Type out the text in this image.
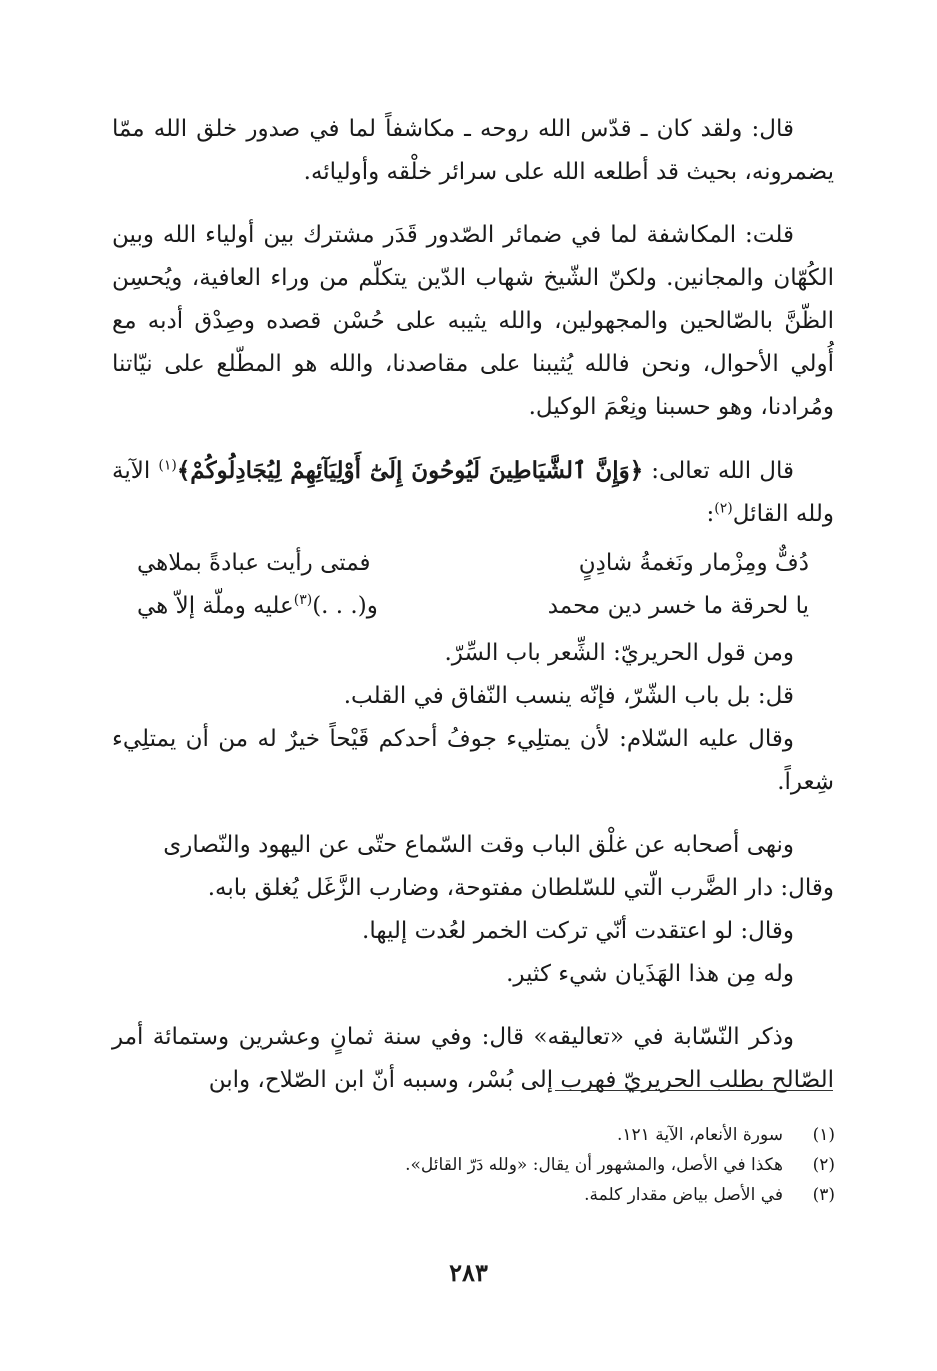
قال: ولقد كان ـ قدّس الله روحه ـ مكاشفاً لما في صدور خلق الله ممّا يضمرونه، بحيث قد أطلعه الله على سرائر خلْقه وأوليائه.

قلت: المكاشفة لما في ضمائر الصّدور قَدَر مشترك بين أولياء الله وبين الكُهّان والمجانين. ولكنّ الشّيخ شهاب الدّين يتكلّم من وراء العافية، ويُحسِن الظّنَّ بالصّالحين والمجهولين، والله يثيبه على حُسْن قصده وصِدْق أدبه مع أُولي الأحوال، ونحن فالله يُثيبنا على مقاصدنا، والله هو المطّلع على نيّاتنا ومُرادنا، وهو حسبنا ونِعْمَ الوكيل.

قال الله تعالى: ﴿وَإِنَّ ٱلشَّيَاطِينَ لَيُوحُونَ إِلَىٰٓ أَوْلِيَآئِهِمْ لِيُجَادِلُوكُمْ﴾$^{(١)}$ الآية ولله القائل$^{(٢)}$:

دُفٌّ ومِزْمار ونَغمةُ شادِنٍ
فمتى رأيت عبادةً بملاهي
يا لحرقة ما خسر دين محمد
و(. . .)(٣)عليه وملّة إلاّ هي

ومن قول الحريريّ: الشِّعر باب السِّرّ.

قل: بل باب الشّرّ، فإنّه ينسب النّفاق في القلب.

وقال عليه السّلام: لأن يمتلِيء جوفُ أحدكم قَيْحاً خيرٌ له من أن يمتلِيء شِعراً.

ونهى أصحابه عن غلْق الباب وقت السّماع حتّى عن اليهود والنّصارى

وقال: دار الضَّرب الّتي للسّلطان مفتوحة، وضارب الزَّغَل يُغلق بابه.

وقال: لو اعتقدت أنّي تركت الخمر لعُدت إليها.

وله مِن هذا الهَذَيان شيء كثير.

وذكر النّسّابة في «تعاليقه» قال: وفي سنة ثمانٍ وعشرين وستمائة أمر الصّالح بطلب الحريريّ فهرب إلى بُسْر، وسببه أنّ ابن الصّلاح، وابن

(١)
سورة الأنعام، الآية ١٢١.
(٢)
هكذا في الأصل، والمشهور أن يقال: «ولله دَرّ القائل».
(٣)
في الأصل بياض مقدار كلمة.
٢٨٣
